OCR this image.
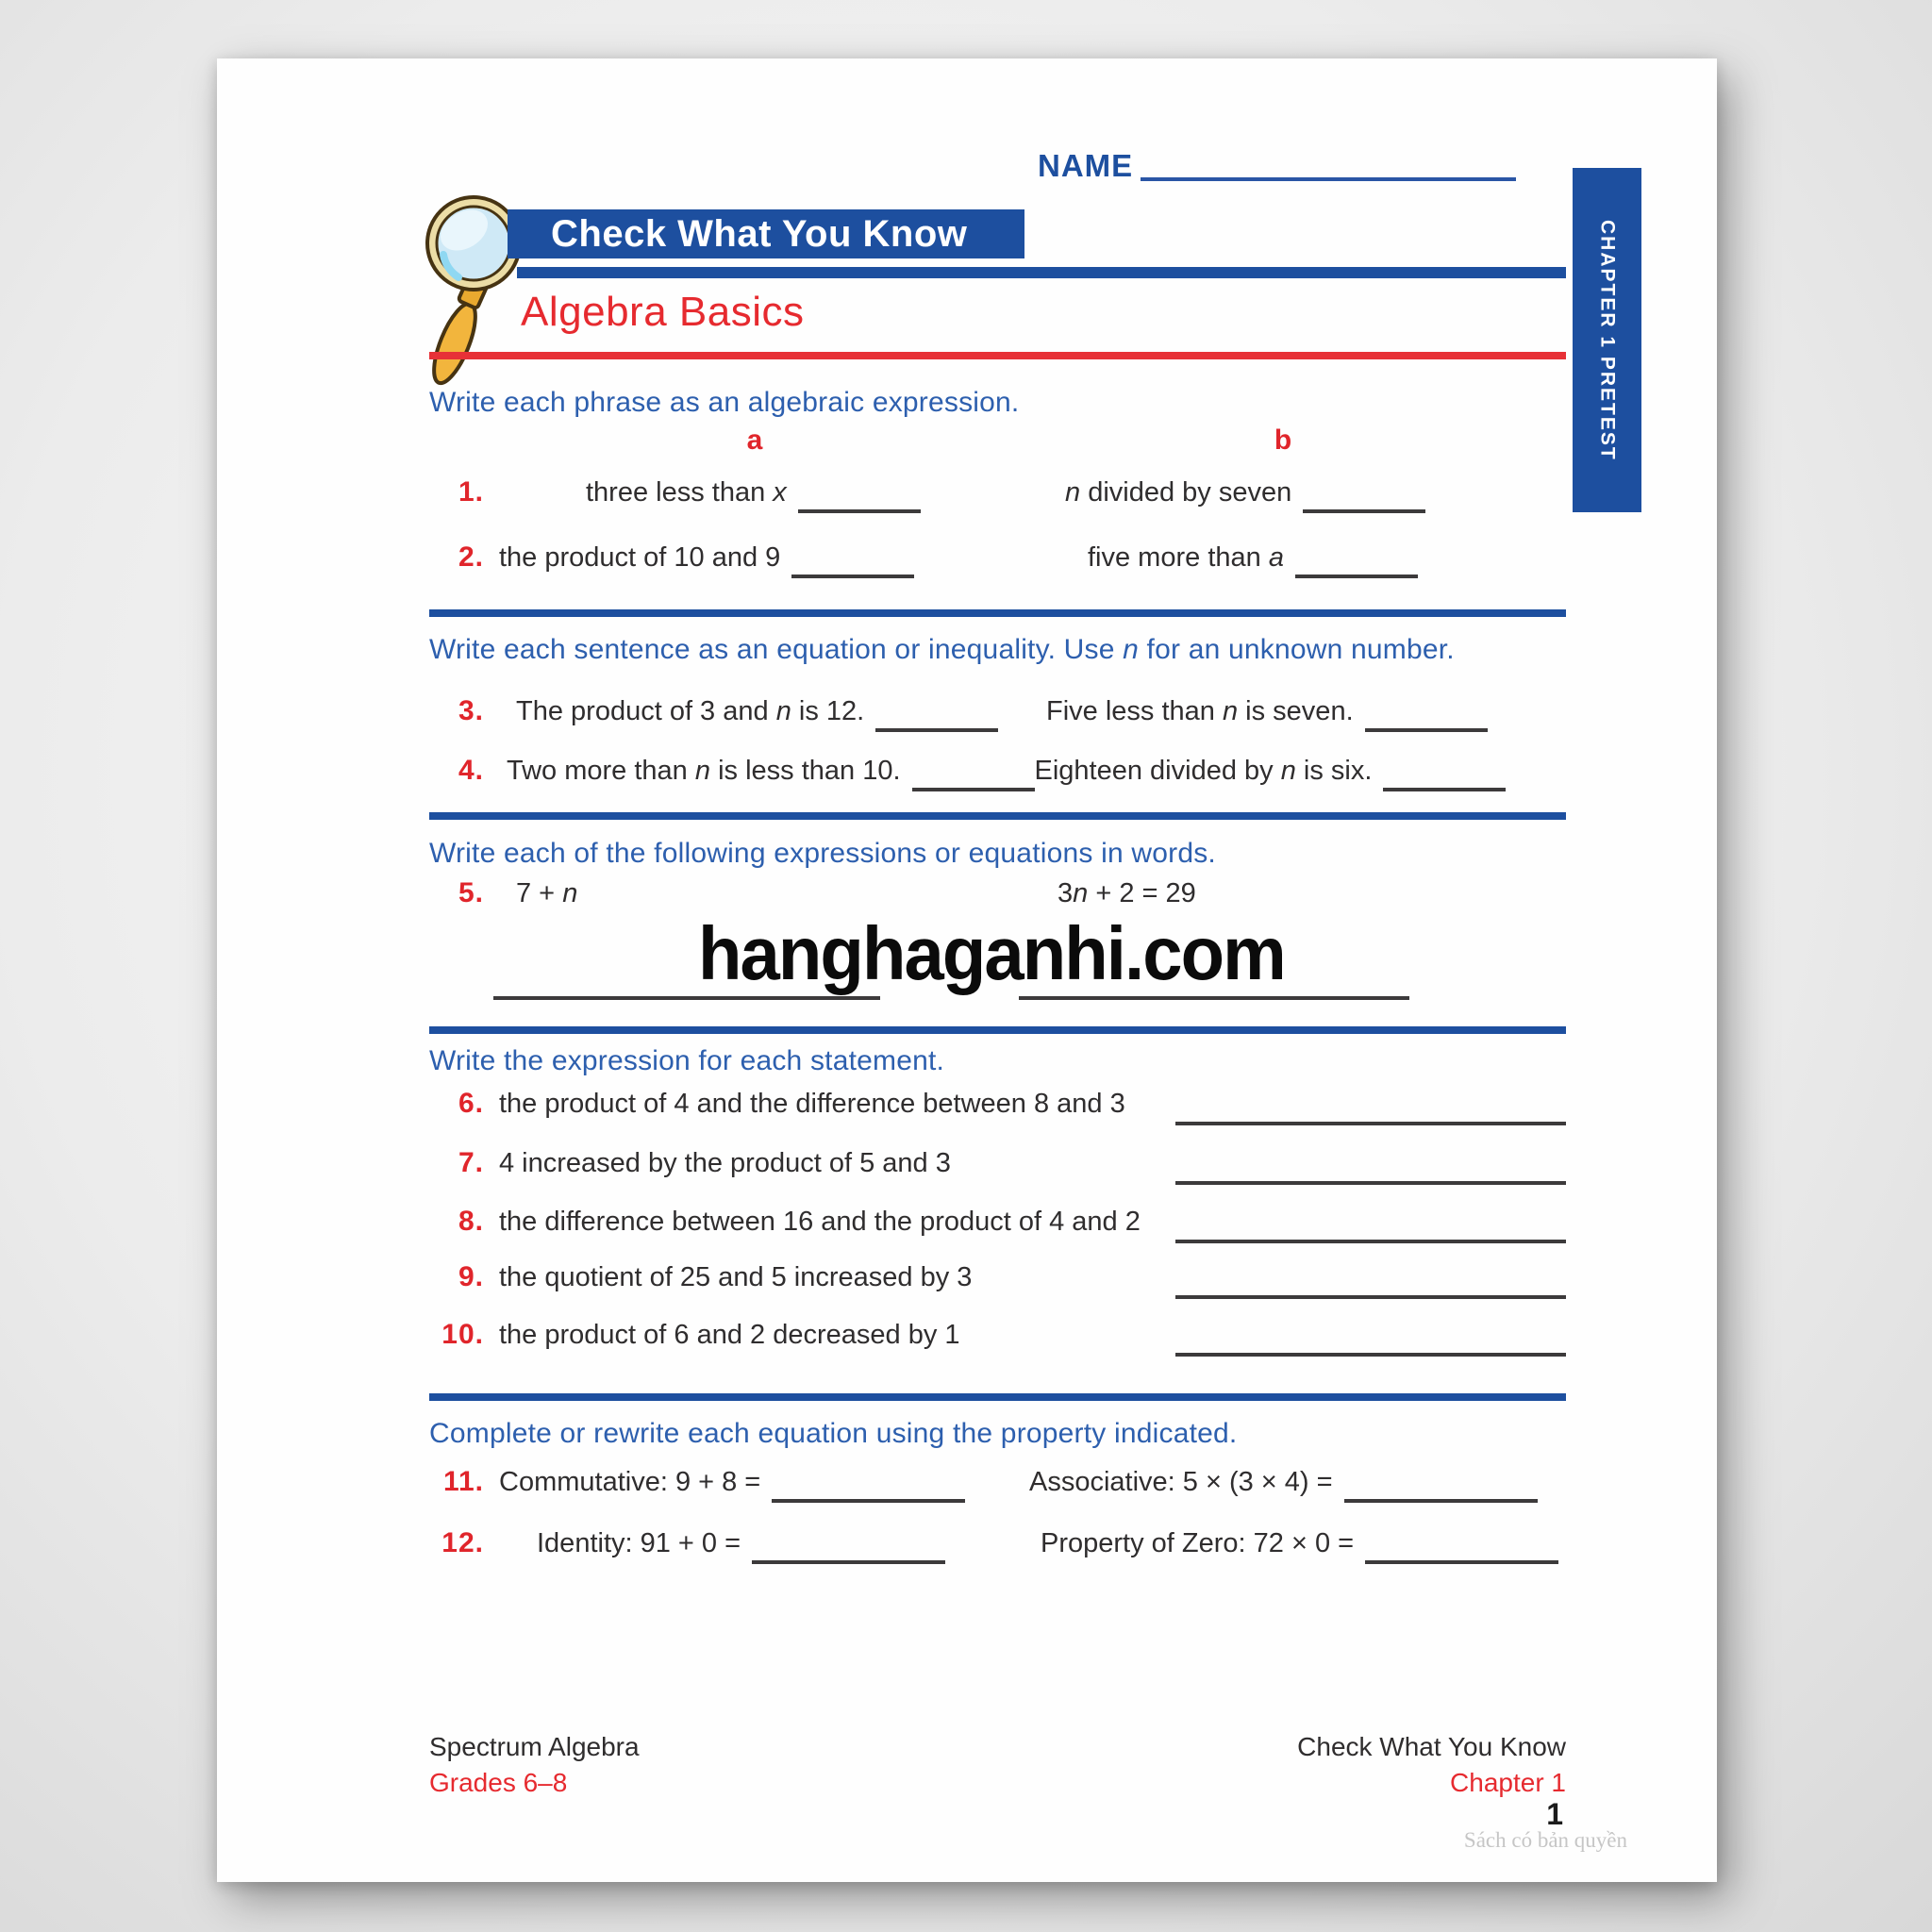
NAME
CHAPTER 1 PRETEST
Check What You Know
Algebra Basics
Write each phrase as an algebraic expression.
a	b
1.	three less than x	n divided by seven
2. the product of 10 and 9	five more than a
Write each sentence as an equation or inequality. Use n for an unknown number.
3.	The product of 3 and n is 12.	Five less than n is seven.
4. Two more than n is less than 10.	Eighteen divided by n is six.
Write each of the following expressions or equations in words.
5.	7 + n	3n + 2 = 29
hanghaganhi.com
Write the expression for each statement.
6. the product of 4 and the difference between 8 and 3
7. 4 increased by the product of 5 and 3
8. the difference between 16 and the product of 4 and 2
9. the quotient of 25 and 5 increased by 3
10. the product of 6 and 2 decreased by 1
Complete or rewrite each equation using the property indicated.
11. Commutative: 9 + 8 =	Associative: 5 × (3 × 4) =
12.	Identity: 91 + 0 =	Property of Zero: 72 × 0 =
Spectrum Algebra
Grades 6–8
Check What You Know
Chapter 1
1
Sách có bản quyền
